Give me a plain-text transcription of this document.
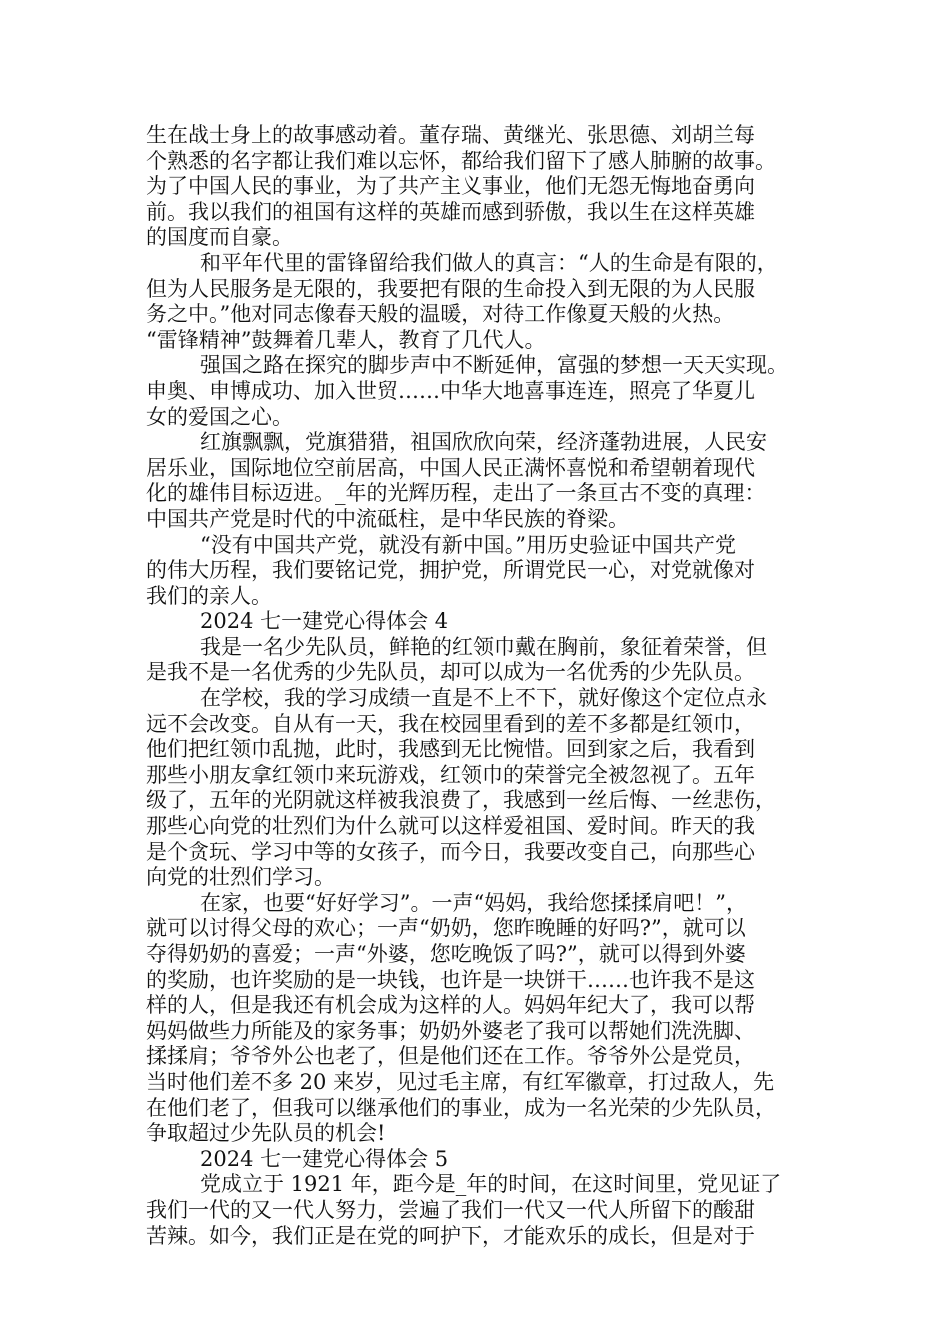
生在战士身上的故事感动着。董存瑞、黄继光、张思德、刘胡兰每
个熟悉的名字都让我们难以忘怀，都给我们留下了感人肺腑的故事。
为了中国人民的事业，为了共产主义事业，他们无怨无悔地奋勇向
前。我以我们的祖国有这样的英雄而感到骄傲，我以生在这样英雄
的国度而自豪。
和平年代里的雷锋留给我们做人的真言：“人的生命是有限的，
但为人民服务是无限的，我要把有限的生命投入到无限的为人民服
务之中。”他对同志像春天般的温暖，对待工作像夏天般的火热。
“雷锋精神”鼓舞着几辈人，教育了几代人。
强国之路在探究的脚步声中不断延伸，富强的梦想一天天实现。
申奥、申博成功、加入世贸……中华大地喜事连连，照亮了华夏儿
女的爱国之心。
红旗飘飘，党旗猎猎，祖国欣欣向荣，经济蓬勃进展，人民安
居乐业，国际地位空前居高，中国人民正满怀喜悦和希望朝着现代
化的雄伟目标迈进。_年的光辉历程，走出了一条亘古不变的真理：
中国共产党是时代的中流砥柱，是中华民族的脊梁。
“没有中国共产党，就没有新中国。”用历史验证中国共产党
的伟大历程，我们要铭记党，拥护党，所谓党民一心，对党就像对
我们的亲人。
2024 七一建党心得体会 4
我是一名少先队员，鲜艳的红领巾戴在胸前，象征着荣誉，但
是我不是一名优秀的少先队员，却可以成为一名优秀的少先队员。
在学校，我的学习成绩一直是不上不下，就好像这个定位点永
远不会改变。自从有一天，我在校园里看到的差不多都是红领巾，
他们把红领巾乱抛，此时，我感到无比惋惜。回到家之后，我看到
那些小朋友拿红领巾来玩游戏，红领巾的荣誉完全被忽视了。五年
级了，五年的光阴就这样被我浪费了，我感到一丝后悔、一丝悲伤，
那些心向党的壮烈们为什么就可以这样爱祖国、爱时间。昨天的我
是个贪玩、学习中等的女孩子，而今日，我要改变自己，向那些心
向党的壮烈们学习。
在家，也要“好好学习”。一声“妈妈，我给您揉揉肩吧！”，
就可以讨得父母的欢心；一声“奶奶，您昨晚睡的好吗?”，就可以
夺得奶奶的喜爱；一声“外婆，您吃晚饭了吗?”，就可以得到外婆
的奖励，也许奖励的是一块钱，也许是一块饼干……也许我不是这
样的人，但是我还有机会成为这样的人。妈妈年纪大了，我可以帮
妈妈做些力所能及的家务事；奶奶外婆老了我可以帮她们洗洗脚、
揉揉肩；爷爷外公也老了，但是他们还在工作。爷爷外公是党员，
当时他们差不多 20 来岁，见过毛主席，有红军徽章，打过敌人，先
在他们老了，但我可以继承他们的事业，成为一名光荣的少先队员，
争取超过少先队员的机会!
2024 七一建党心得体会 5
党成立于 1921 年，距今是_年的时间，在这时间里，党见证了
我们一代的又一代人努力，尝遍了我们一代又一代人所留下的酸甜
苦辣。如今，我们正是在党的呵护下，才能欢乐的成长，但是对于
